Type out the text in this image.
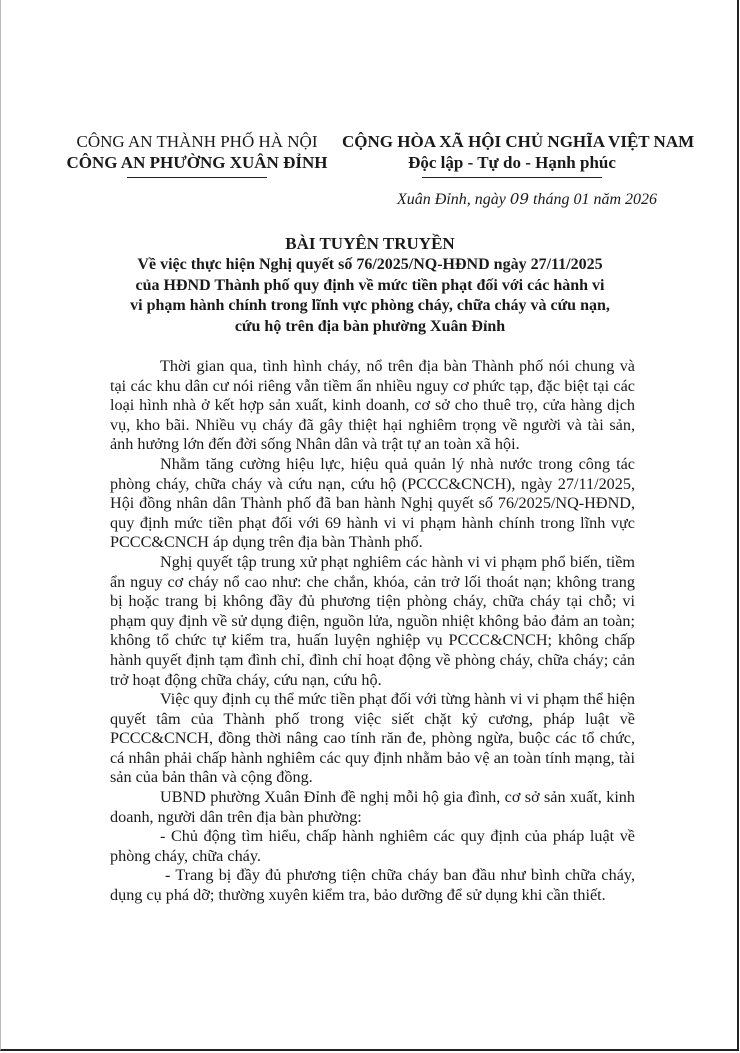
CÔNG AN THÀNH PHỐ HÀ NỘI
CÔNG AN PHƯỜNG XUÂN ĐỈNH
CỘNG HÒA XÃ HỘI CHỦ NGHĨA VIỆT NAM
Độc lập - Tự do - Hạnh phúc
Xuân Đỉnh, ngày 09 tháng 01 năm 2026
BÀI TUYÊN TRUYỀN
Về việc thực hiện Nghị quyết số 76/2025/NQ-HĐND ngày 27/11/2025
của HĐND Thành phố quy định về mức tiền phạt đối với các hành vi
vi phạm hành chính trong lĩnh vực phòng cháy, chữa cháy và cứu nạn,
cứu hộ trên địa bàn phường Xuân Đỉnh

Thời gian qua, tình hình cháy, nổ trên địa bàn Thành phố nói chung và tại các khu dân cư nói riêng vẫn tiềm ẩn nhiều nguy cơ phức tạp, đặc biệt tại các loại hình nhà ở kết hợp sản xuất, kinh doanh, cơ sở cho thuê trọ, cửa hàng dịch vụ, kho bãi. Nhiều vụ cháy đã gây thiệt hại nghiêm trọng về người và tài sản, ảnh hưởng lớn đến đời sống Nhân dân và trật tự an toàn xã hội.

Nhằm tăng cường hiệu lực, hiệu quả quản lý nhà nước trong công tác phòng cháy, chữa cháy và cứu nạn, cứu hộ (PCCC&CNCH), ngày 27/11/2025, Hội đồng nhân dân Thành phố đã ban hành Nghị quyết số 76/2025/NQ-HĐND, quy định mức tiền phạt đối với 69 hành vi vi phạm hành chính trong lĩnh vực PCCC&CNCH áp dụng trên địa bàn Thành phố.

Nghị quyết tập trung xử phạt nghiêm các hành vi vi phạm phổ biến, tiềm ẩn nguy cơ cháy nổ cao như: che chắn, khóa, cản trở lối thoát nạn; không trang bị hoặc trang bị không đầy đủ phương tiện phòng cháy, chữa cháy tại chỗ; vi phạm quy định về sử dụng điện, nguồn lửa, nguồn nhiệt không bảo đảm an toàn; không tổ chức tự kiểm tra, huấn luyện nghiệp vụ PCCC&CNCH; không chấp hành quyết định tạm đình chỉ, đình chỉ hoạt động về phòng cháy, chữa cháy; cản trở hoạt động chữa cháy, cứu nạn, cứu hộ.

Việc quy định cụ thể mức tiền phạt đối với từng hành vi vi phạm thể hiện quyết tâm của Thành phố trong việc siết chặt kỷ cương, pháp luật về PCCC&CNCH, đồng thời nâng cao tính răn đe, phòng ngừa, buộc các tổ chức, cá nhân phải chấp hành nghiêm các quy định nhằm bảo vệ an toàn tính mạng, tài sản của bản thân và cộng đồng.

UBND phường Xuân Đỉnh đề nghị mỗi hộ gia đình, cơ sở sản xuất, kinh doanh, người dân trên địa bàn phường:

- Chủ động tìm hiểu, chấp hành nghiêm các quy định của pháp luật về phòng cháy, chữa cháy.

- Trang bị đầy đủ phương tiện chữa cháy ban đầu như bình chữa cháy, dụng cụ phá dỡ; thường xuyên kiểm tra, bảo dưỡng để sử dụng khi cần thiết.
